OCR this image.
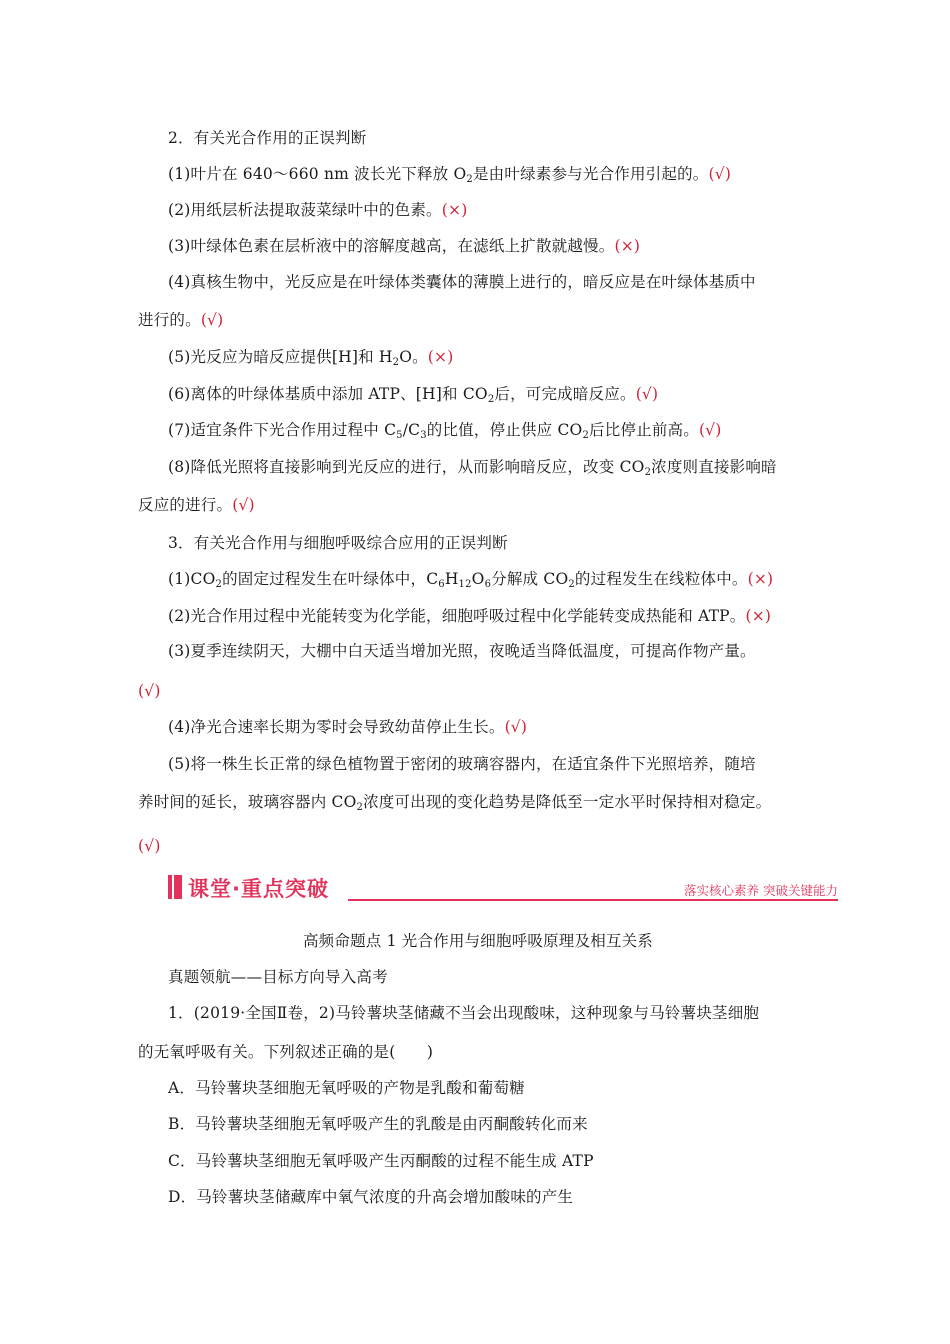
2．有关光合作用的正误判断
(1)叶片在 640～660 nm 波长光下释放 $O_2$是由叶绿素参与光合作用引起的。(√)
(2)用纸层析法提取菠菜绿叶中的色素。(×)
(3)叶绿体色素在层析液中的溶解度越高，在滤纸上扩散就越慢。(×)
(4)真核生物中，光反应是在叶绿体类囊体的薄膜上进行的，暗反应是在叶绿体基质中
进行的。(√)
(5)光反应为暗反应提供[H]和 $H_2O$。(×)
(6)离体的叶绿体基质中添加 ATP、[H]和 $CO_2$后，可完成暗反应。(√)
(7)适宜条件下光合作用过程中 $C_5/C_3$的比值，停止供应 $CO_2$后比停止前高。(√)
(8)降低光照将直接影响到光反应的进行，从而影响暗反应，改变 $CO_2$浓度则直接影响暗
反应的进行。(√)
3．有关光合作用与细胞呼吸综合应用的正误判断
$(1)CO_2$的固定过程发生在叶绿体中，$C_6H_{12}O_6$分解成 $CO_2$的过程发生在线粒体中。(×)
(2)光合作用过程中光能转变为化学能，细胞呼吸过程中化学能转变成热能和 ATP。(×)
(3)夏季连续阴天，大棚中白天适当增加光照，夜晚适当降低温度，可提高作物产量。
(√)
(4)净光合速率长期为零时会导致幼苗停止生长。(√)
(5)将一株生长正常的绿色植物置于密闭的玻璃容器内，在适宜条件下光照培养，随培
养时间的延长，玻璃容器内 $CO_2$浓度可出现的变化趋势是降低至一定水平时保持相对稳定。
(√)
课堂·重点突破	落实核心素养 突破关键能力
高频命题点 1 光合作用与细胞呼吸原理及相互关系
真题领航——目标方向导入高考
1．(2019·全国Ⅱ卷，2)马铃薯块茎储藏不当会出现酸味，这种现象与马铃薯块茎细胞
的无氧呼吸有关。下列叙述正确的是(　　)
A．马铃薯块茎细胞无氧呼吸的产物是乳酸和葡萄糖
B．马铃薯块茎细胞无氧呼吸产生的乳酸是由丙酮酸转化而来
C．马铃薯块茎细胞无氧呼吸产生丙酮酸的过程不能生成 ATP
D．马铃薯块茎储藏库中氧气浓度的升高会增加酸味的产生
